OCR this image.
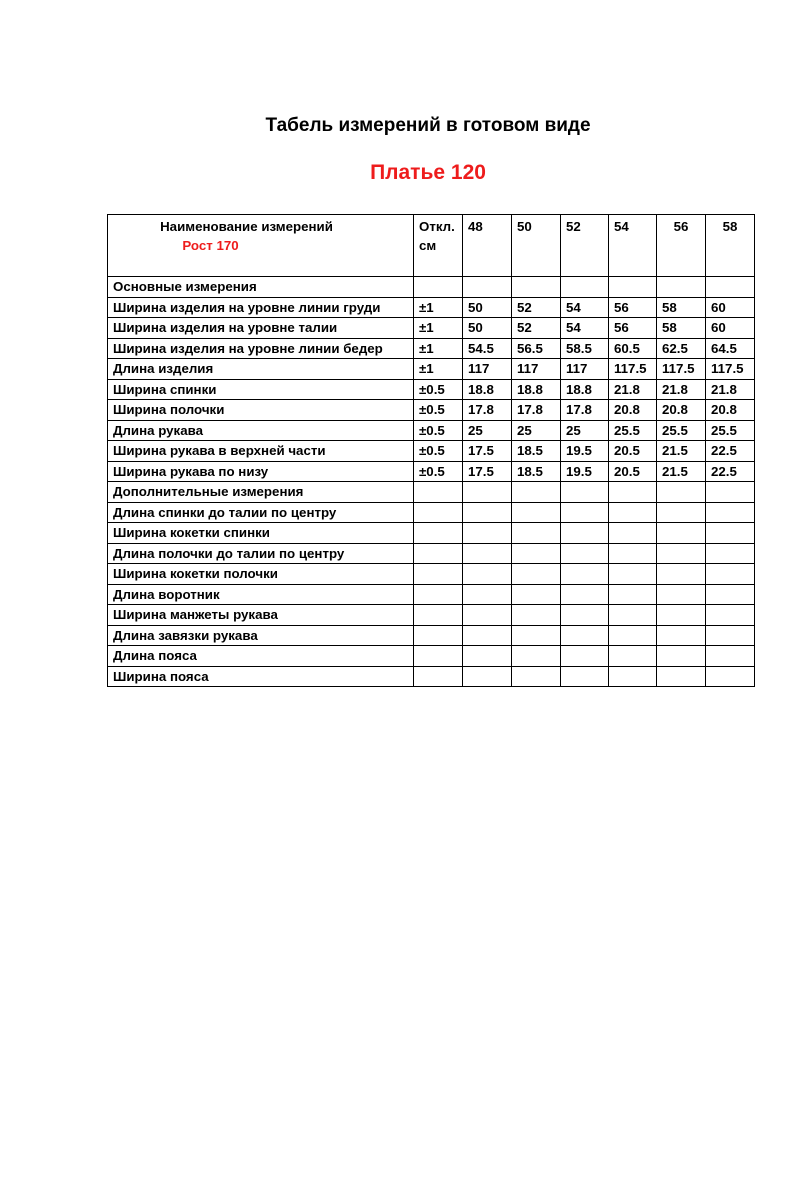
Табель измерений в готовом виде
Платье 120
Наименование измерений
Рост 170	Откл. см	48	50	52	54	56	58
Основные измерения							
Ширина изделия на уровне линии груди	±1	50	52	54	56	58	60
Ширина изделия на уровне талии	±1	50	52	54	56	58	60
Ширина изделия на уровне линии бедер	±1	54.5	56.5	58.5	60.5	62.5	64.5
Длина изделия	±1	117	117	117	117.5	117.5	117.5
Ширина спинки	±0.5	18.8	18.8	18.8	21.8	21.8	21.8
Ширина полочки	±0.5	17.8	17.8	17.8	20.8	20.8	20.8
Длина рукава	±0.5	25	25	25	25.5	25.5	25.5
Ширина рукава в верхней части	±0.5	17.5	18.5	19.5	20.5	21.5	22.5
Ширина рукава по низу	±0.5	17.5	18.5	19.5	20.5	21.5	22.5
Дополнительные измерения							
Длина спинки до талии по центру							
Ширина кокетки спинки							
Длина полочки до талии по центру							
Ширина кокетки полочки							
Длина воротник							
Ширина манжеты рукава							
Длина завязки рукава							
Длина пояса							
Ширина пояса							
